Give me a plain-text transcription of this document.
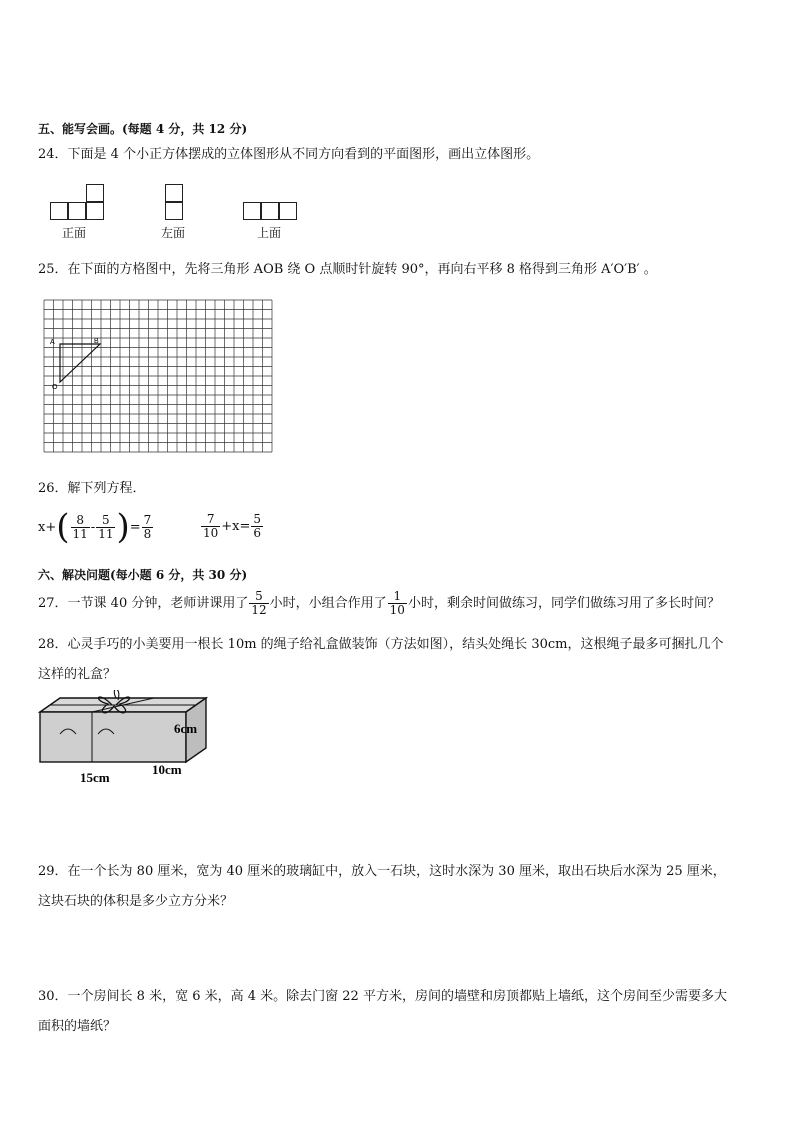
五、能写会画。(每题 4 分，共 12 分)
24．下面是 4 个小正方体摆成的立体图形从不同方向看到的平面图形，画出立体图形。
正面	左面	上面
25．在下面的方格图中，先将三角形 AOB 绕 O 点顺时针旋转 90°，再向右平移 8 格得到三角形 A′O′B′ 。
A	B
O
26．解下列方程．
x+ ( $\frac{8}{11} - \frac{5}{11}$ ) = $\frac{7}{8}$	$\frac{7}{10} +x= \frac{5}{6}$
六、解决问题(每小题 6 分，共 30 分)
27． 一节课 40 分钟，老师讲课用了 $\frac{5}{12}$ 小时，小组合作用了 $\frac{1}{10}$ 小时，剩余时间做练习，同学们做练习用了多长时间？
28．心灵手巧的小美要用一根长 10m 的绳子给礼盒做装饰（方法如图），结头处绳长 30cm，这根绳子最多可捆扎几个
这样的礼盒？
6cm
15cm
10cm
29．在一个长为 80 厘米，宽为 40 厘米的玻璃缸中，放入一石块，这时水深为 30 厘米，取出石块后水深为 25 厘米，
这块石块的体积是多少立方分米？
30．一个房间长 8 米，宽 6 米，高 4 米。除去门窗 22 平方米，房间的墙壁和房顶都贴上墙纸，这个房间至少需要多大
面积的墙纸？
